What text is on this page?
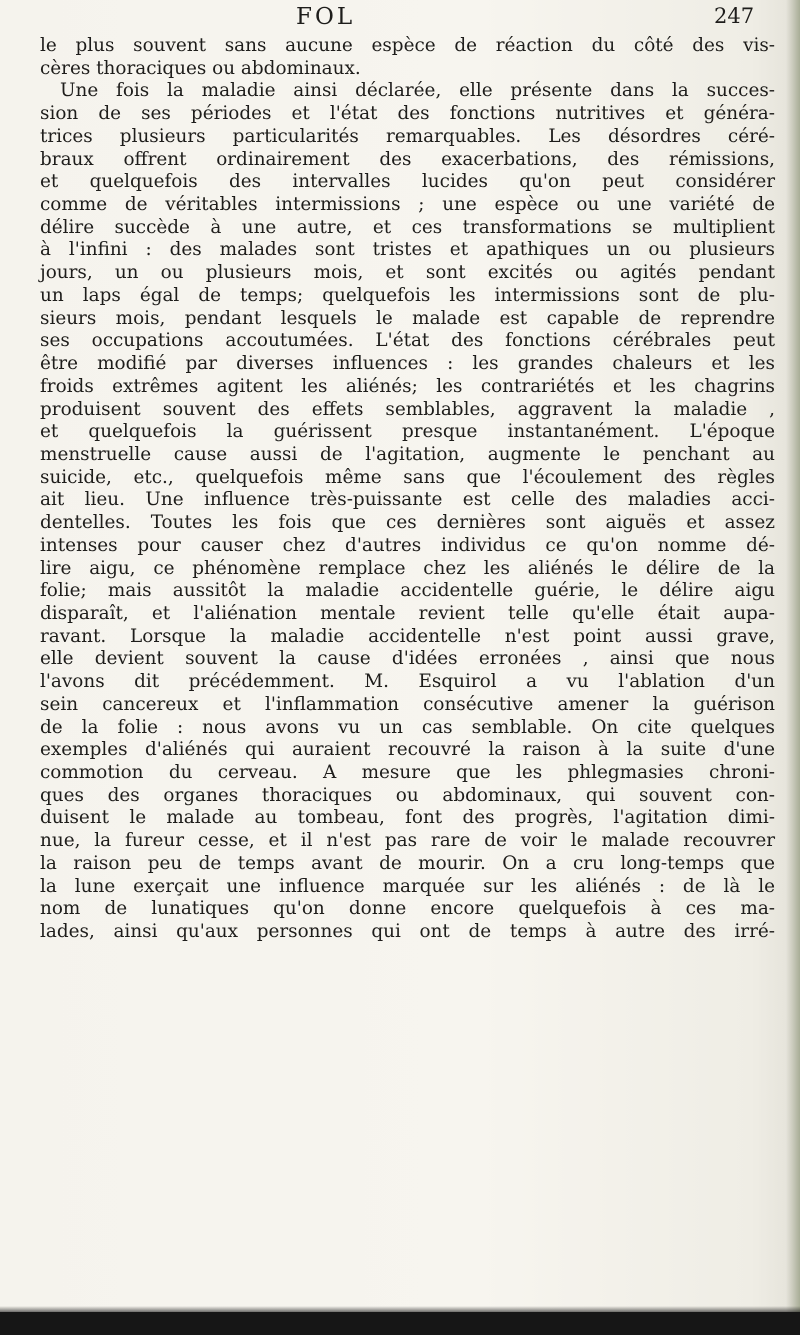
FOL	247
le plus souvent sans aucune espèce de réaction du côté des vis-
cères thoraciques ou abdominaux.
Une fois la maladie ainsi déclarée, elle présente dans la succes-
sion de ses périodes et l'état des fonctions nutritives et généra-
trices plusieurs particularités remarquables. Les désordres céré-
braux offrent ordinairement des exacerbations, des rémissions,
et quelquefois des intervalles lucides qu'on peut considérer
comme de véritables intermissions ; une espèce ou une variété de
délire succède à une autre, et ces transformations se multiplient
à l'infini : des malades sont tristes et apathiques un ou plusieurs
jours, un ou plusieurs mois, et sont excités ou agités pendant
un laps égal de temps; quelquefois les intermissions sont de plu-
sieurs mois, pendant lesquels le malade est capable de reprendre
ses occupations accoutumées. L'état des fonctions cérébrales peut
être modifié par diverses influences : les grandes chaleurs et les
froids extrêmes agitent les aliénés; les contrariétés et les chagrins
produisent souvent des effets semblables, aggravent la maladie ,
et quelquefois la guérissent presque instantanément. L'époque
menstruelle cause aussi de l'agitation, augmente le penchant au
suicide, etc., quelquefois même sans que l'écoulement des règles
ait lieu. Une influence très-puissante est celle des maladies acci-
dentelles. Toutes les fois que ces dernières sont aiguës et assez
intenses pour causer chez d'autres individus ce qu'on nomme dé-
lire aigu, ce phénomène remplace chez les aliénés le délire de la
folie; mais aussitôt la maladie accidentelle guérie, le délire aigu
disparaît, et l'aliénation mentale revient telle qu'elle était aupa-
ravant. Lorsque la maladie accidentelle n'est point aussi grave,
elle devient souvent la cause d'idées erronées , ainsi que nous
l'avons dit précédemment. M. Esquirol a vu l'ablation d'un
sein cancereux et l'inflammation consécutive amener la guérison
de la folie : nous avons vu un cas semblable. On cite quelques
exemples d'aliénés qui auraient recouvré la raison à la suite d'une
commotion du cerveau. A mesure que les phlegmasies chroni-
ques des organes thoraciques ou abdominaux, qui souvent con-
duisent le malade au tombeau, font des progrès, l'agitation dimi-
nue, la fureur cesse, et il n'est pas rare de voir le malade recouvrer
la raison peu de temps avant de mourir. On a cru long-temps que
la lune exerçait une influence marquée sur les aliénés : de là le
nom de lunatiques qu'on donne encore quelquefois à ces ma-
lades, ainsi qu'aux personnes qui ont de temps à autre des irré-
